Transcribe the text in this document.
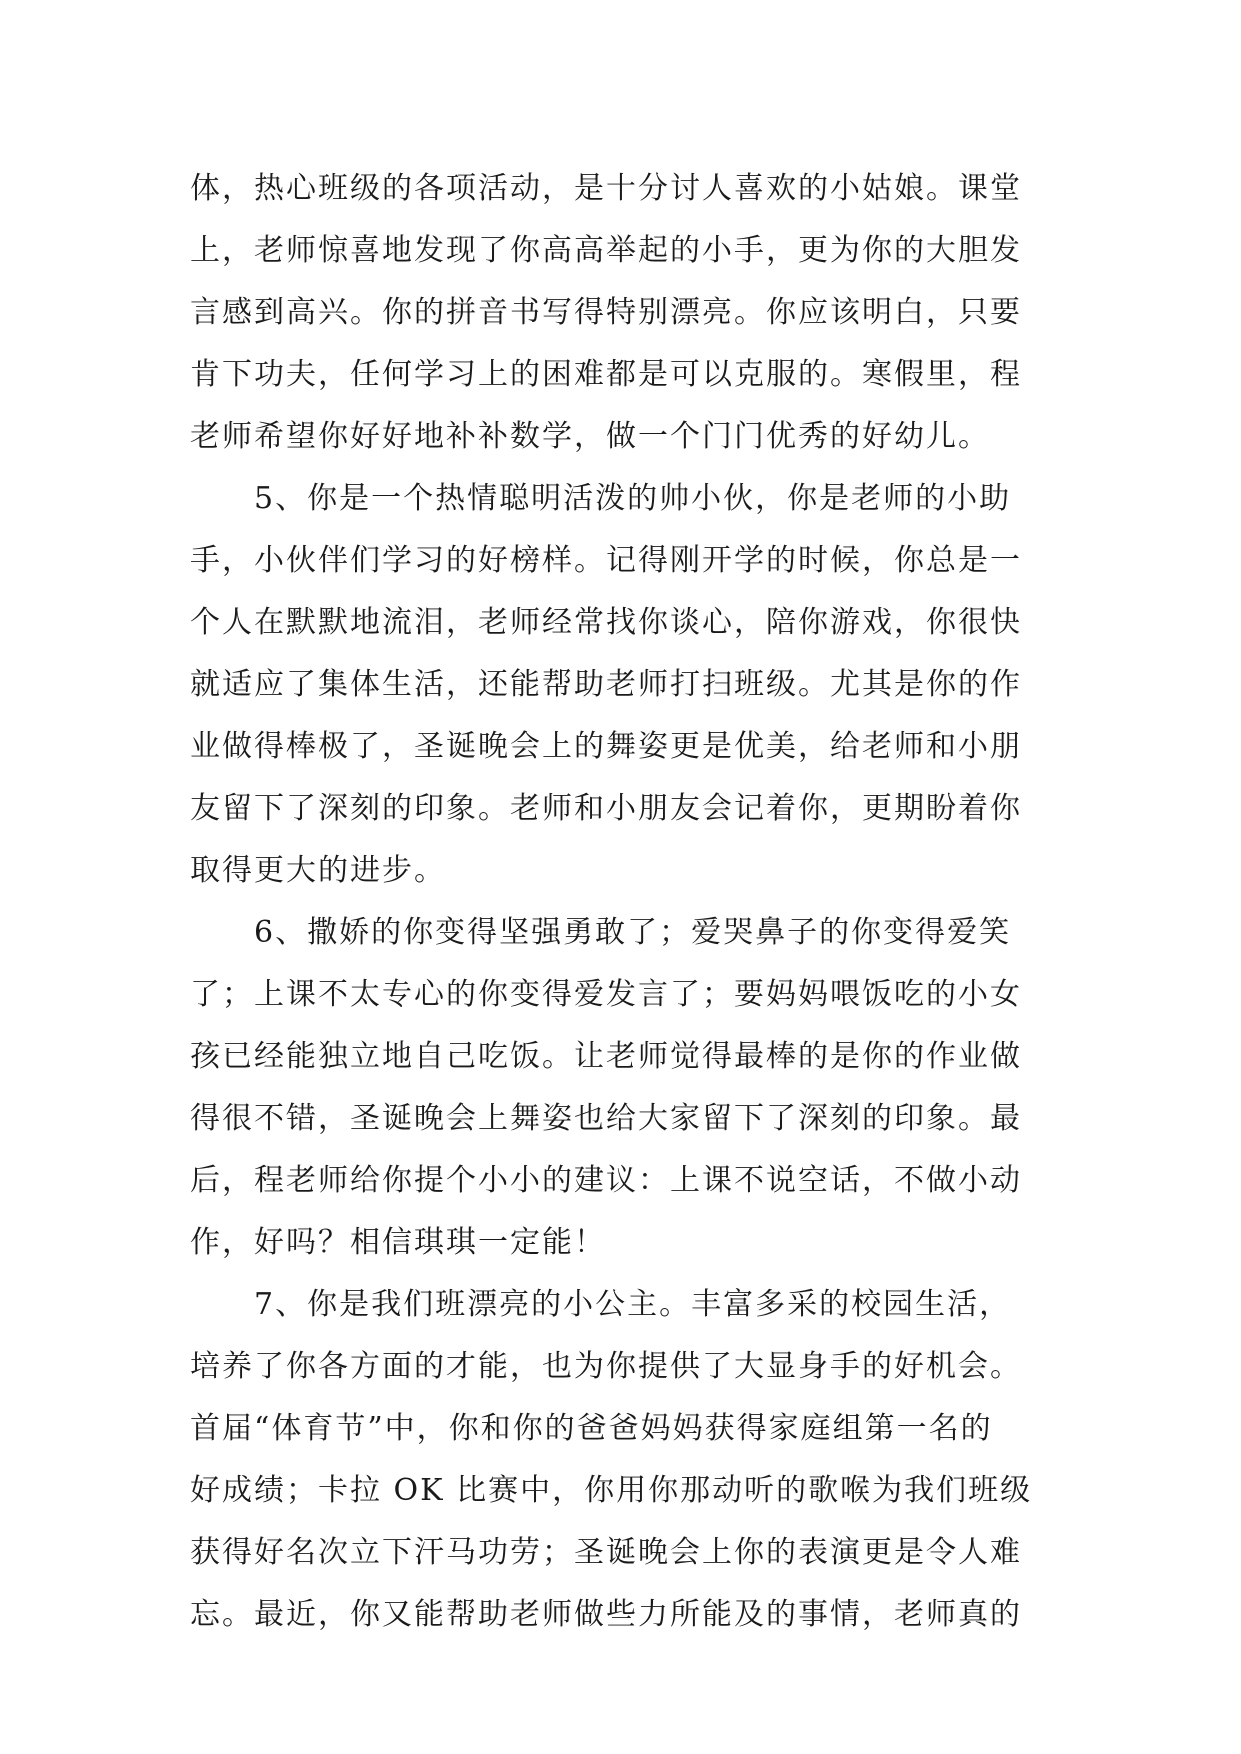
体，热心班级的各项活动，是十分讨人喜欢的小姑娘。课堂
上，老师惊喜地发现了你高高举起的小手，更为你的大胆发
言感到高兴。你的拼音书写得特别漂亮。你应该明白，只要
肯下功夫，任何学习上的困难都是可以克服的。寒假里，程
老师希望你好好地补补数学，做一个门门优秀的好幼儿。

　　5、你是一个热情聪明活泼的帅小伙，你是老师的小助
手，小伙伴们学习的好榜样。记得刚开学的时候，你总是一
个人在默默地流泪，老师经常找你谈心，陪你游戏，你很快
就适应了集体生活，还能帮助老师打扫班级。尤其是你的作
业做得棒极了，圣诞晚会上的舞姿更是优美，给老师和小朋
友留下了深刻的印象。老师和小朋友会记着你，更期盼着你
取得更大的进步。

　　6、撒娇的你变得坚强勇敢了；爱哭鼻子的你变得爱笑
了；上课不太专心的你变得爱发言了；要妈妈喂饭吃的小女
孩已经能独立地自己吃饭。让老师觉得最棒的是你的作业做
得很不错，圣诞晚会上舞姿也给大家留下了深刻的印象。最
后，程老师给你提个小小的建议：上课不说空话，不做小动
作，好吗？相信琪琪一定能！

　　7、你是我们班漂亮的小公主。丰富多采的校园生活，
培养了你各方面的才能，也为你提供了大显身手的好机会。
首届“体育节”中，你和你的爸爸妈妈获得家庭组第一名的
好成绩；卡拉 OK 比赛中，你用你那动听的歌喉为我们班级
获得好名次立下汗马功劳；圣诞晚会上你的表演更是令人难
忘。最近，你又能帮助老师做些力所能及的事情，老师真的
